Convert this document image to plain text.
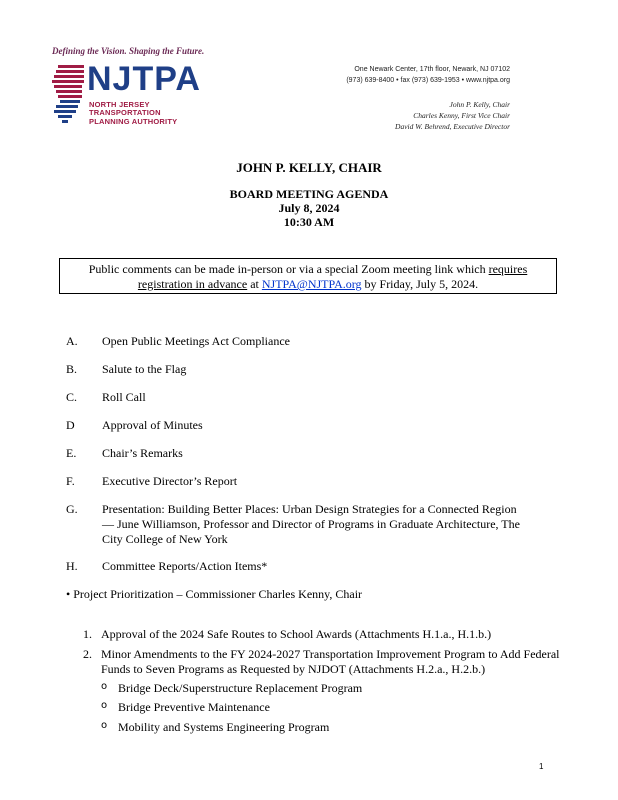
Defining the Vision. Shaping the Future.
NJTPA
NORTH JERSEY
TRANSPORTATION
PLANNING AUTHORITY
One Newark Center, 17th floor, Newark, NJ 07102
(973) 639-8400 • fax (973) 639-1953 • www.njtpa.org
John P. Kelly, Chair
Charles Kenny, First Vice Chair
David W. Behrend, Executive Director
JOHN P. KELLY, CHAIR
BOARD MEETING AGENDA
July 8, 2024
10:30 AM
Public comments can be made in-person or via a special Zoom meeting link which requires
registration in advance at NJTPA@NJTPA.org by Friday, July 5, 2024.
A. Open Public Meetings Act Compliance
B. Salute to the Flag
C. Roll Call
D Approval of Minutes
E. Chair’s Remarks
F. Executive Director’s Report
G. Presentation: Building Better Places: Urban Design Strategies for a Connected Region — June Williamson, Professor and Director of Programs in Graduate Architecture, The City College of New York
H. Committee Reports/Action Items*
• Project Prioritization – Commissioner Charles Kenny, Chair
1. Approval of the 2024 Safe Routes to School Awards (Attachments H.1.a., H.1.b.)
2. Minor Amendments to the FY 2024-2027 Transportation Improvement Program to Add Federal Funds to Seven Programs as Requested by NJDOT (Attachments H.2.a., H.2.b.)
o Bridge Deck/Superstructure Replacement Program
o Bridge Preventive Maintenance
o Mobility and Systems Engineering Program
1
